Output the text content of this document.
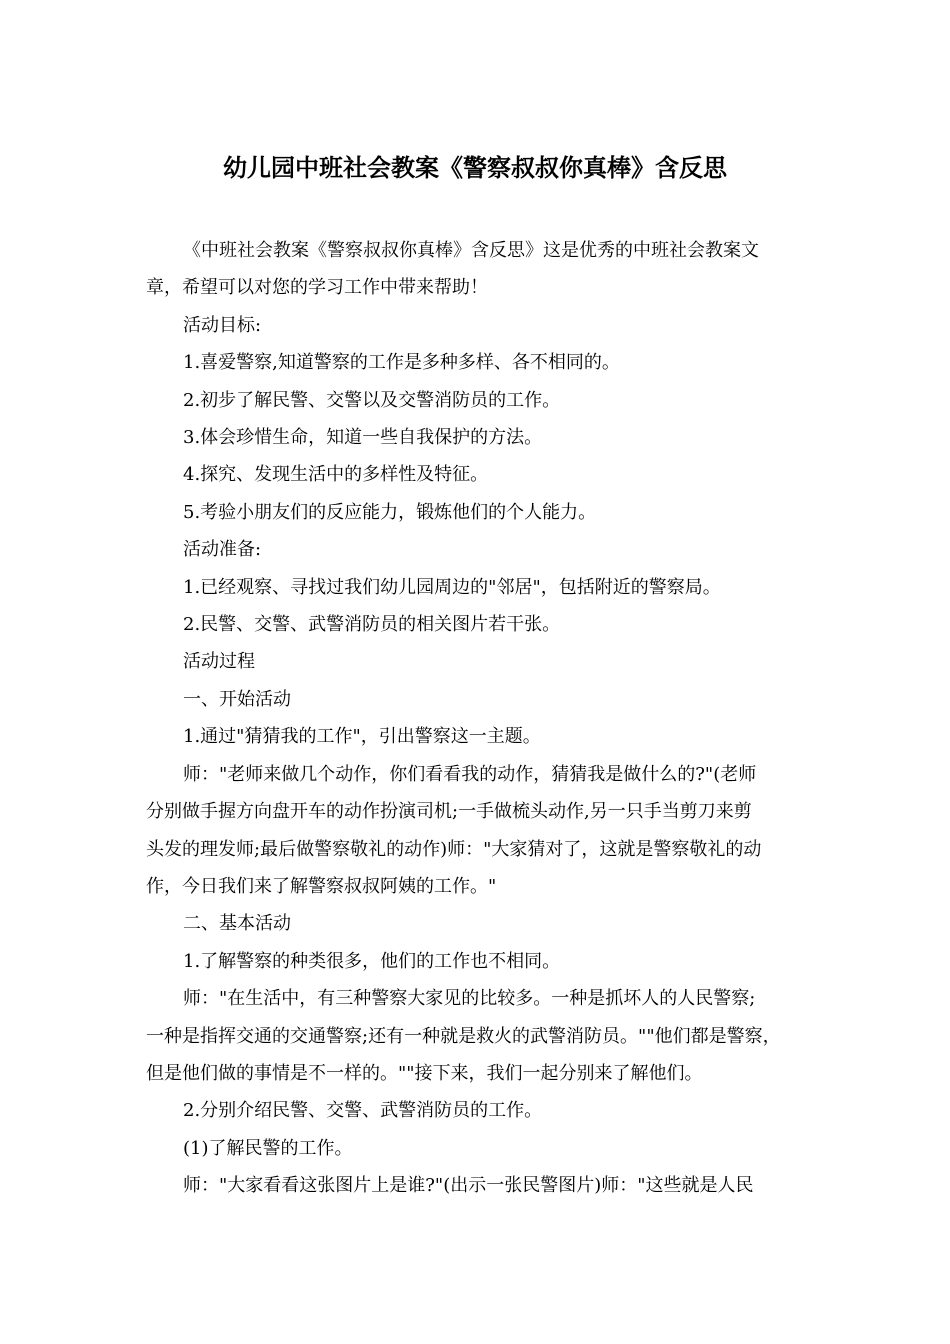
幼儿园中班社会教案《警察叔叔你真棒》含反思

《中班社会教案《警察叔叔你真棒》含反思》这是优秀的中班社会教案文

章，希望可以对您的学习工作中带来帮助！

活动目标:

1.喜爱警察,知道警察的工作是多种多样、各不相同的。

2.初步了解民警、交警以及交警消防员的工作。

3.体会珍惜生命，知道一些自我保护的方法。

4.探究、发现生活中的多样性及特征。

5.考验小朋友们的反应能力，锻炼他们的个人能力。

活动准备:

1.已经观察、寻找过我们幼儿园周边的"邻居"，包括附近的警察局。

2.民警、交警、武警消防员的相关图片若干张。

活动过程

一、开始活动

1.通过"猜猜我的工作"，引出警察这一主题。

师："老师来做几个动作，你们看看我的动作，猜猜我是做什么的?"(老师

分别做手握方向盘开车的动作扮演司机;一手做梳头动作,另一只手当剪刀来剪

头发的理发师;最后做警察敬礼的动作)师："大家猜对了，这就是警察敬礼的动

作，今日我们来了解警察叔叔阿姨的工作。"

二、基本活动

1.了解警察的种类很多，他们的工作也不相同。

师："在生活中，有三种警察大家见的比较多。一种是抓坏人的人民警察;

一种是指挥交通的交通警察;还有一种就是救火的武警消防员。""他们都是警察，

但是他们做的事情是不一样的。""接下来，我们一起分别来了解他们。

2.分别介绍民警、交警、武警消防员的工作。

(1)了解民警的工作。

师："大家看看这张图片上是谁?"(出示一张民警图片)师："这些就是人民
